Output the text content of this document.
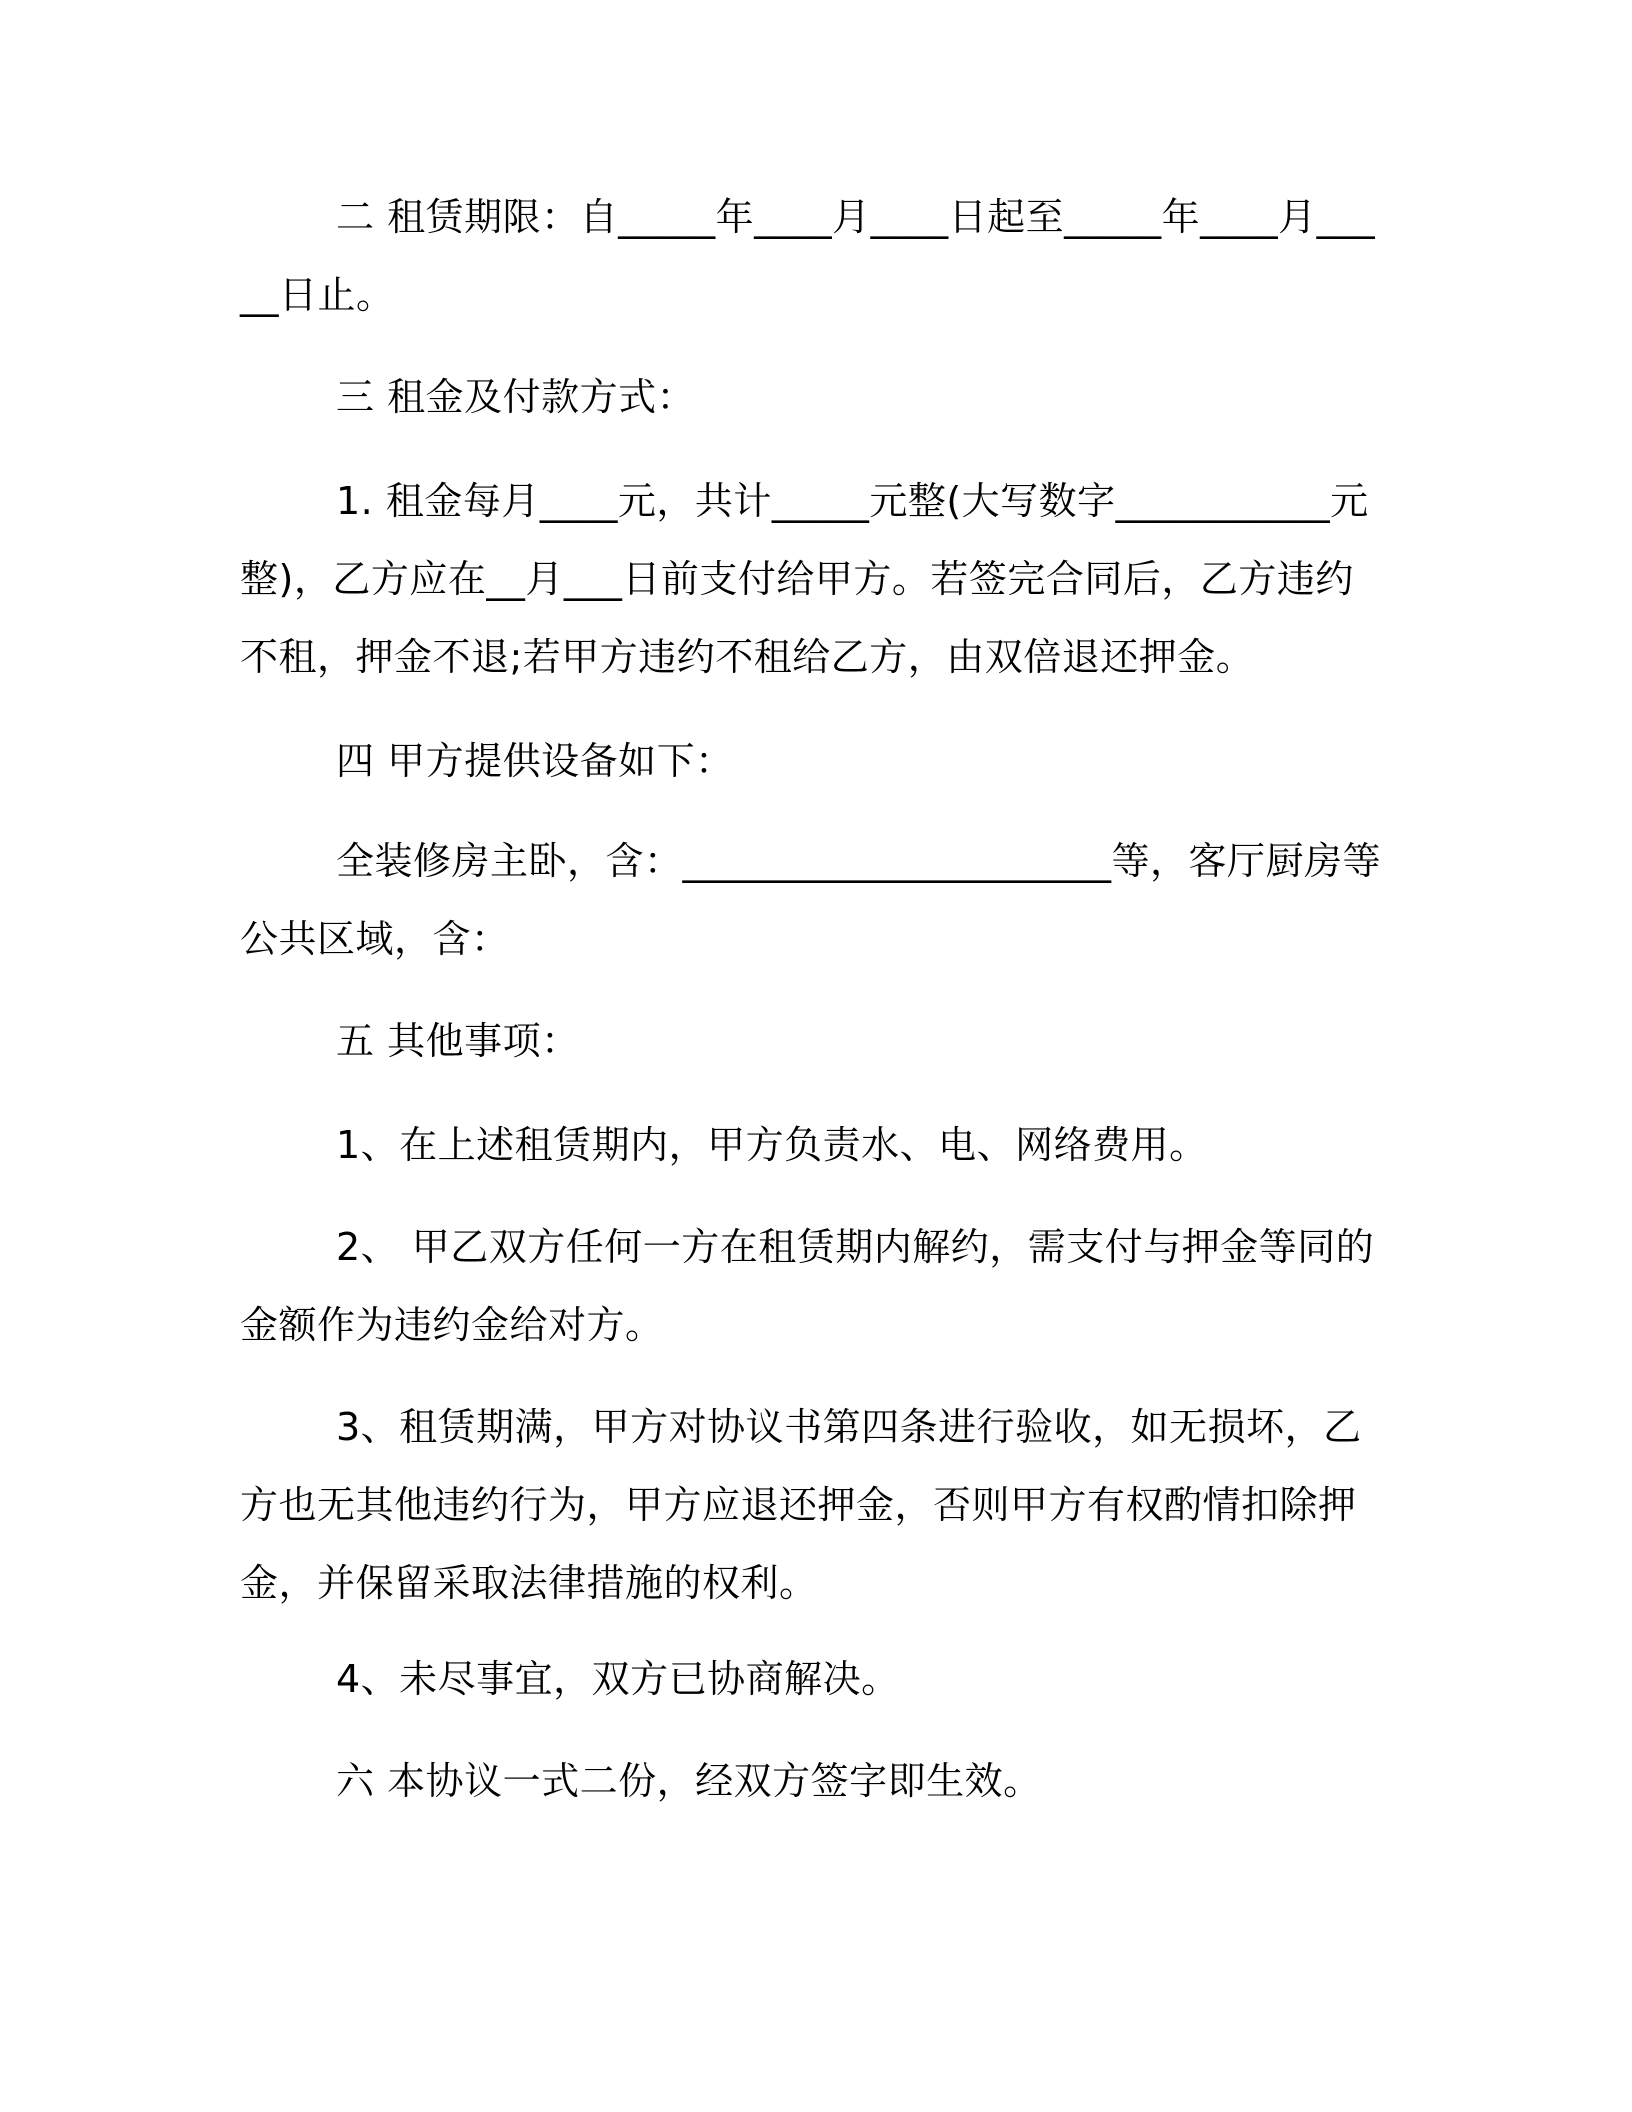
二 租赁期限：自_____年____月____日起至_____年____月_____日止。

三 租金及付款方式：

1. 租金每月____元，共计_____元整(大写数字___________元整)，乙方应在__月___日前支付给甲方。若签完合同后，乙方违约不租，押金不退;若甲方违约不租给乙方，由双倍退还押金。

四 甲方提供设备如下：

全装修房主卧，含：______________________等，客厅厨房等公共区域，含：

五 其他事项：

1、在上述租赁期内，甲方负责水、电、网络费用。

2、 甲乙双方任何一方在租赁期内解约，需支付与押金等同的金额作为违约金给对方。

3、租赁期满，甲方对协议书第四条进行验收，如无损坏，乙方也无其他违约行为，甲方应退还押金，否则甲方有权酌情扣除押金，并保留采取法律措施的权利。

4、未尽事宜，双方已协商解决。

六 本协议一式二份，经双方签字即生效。
